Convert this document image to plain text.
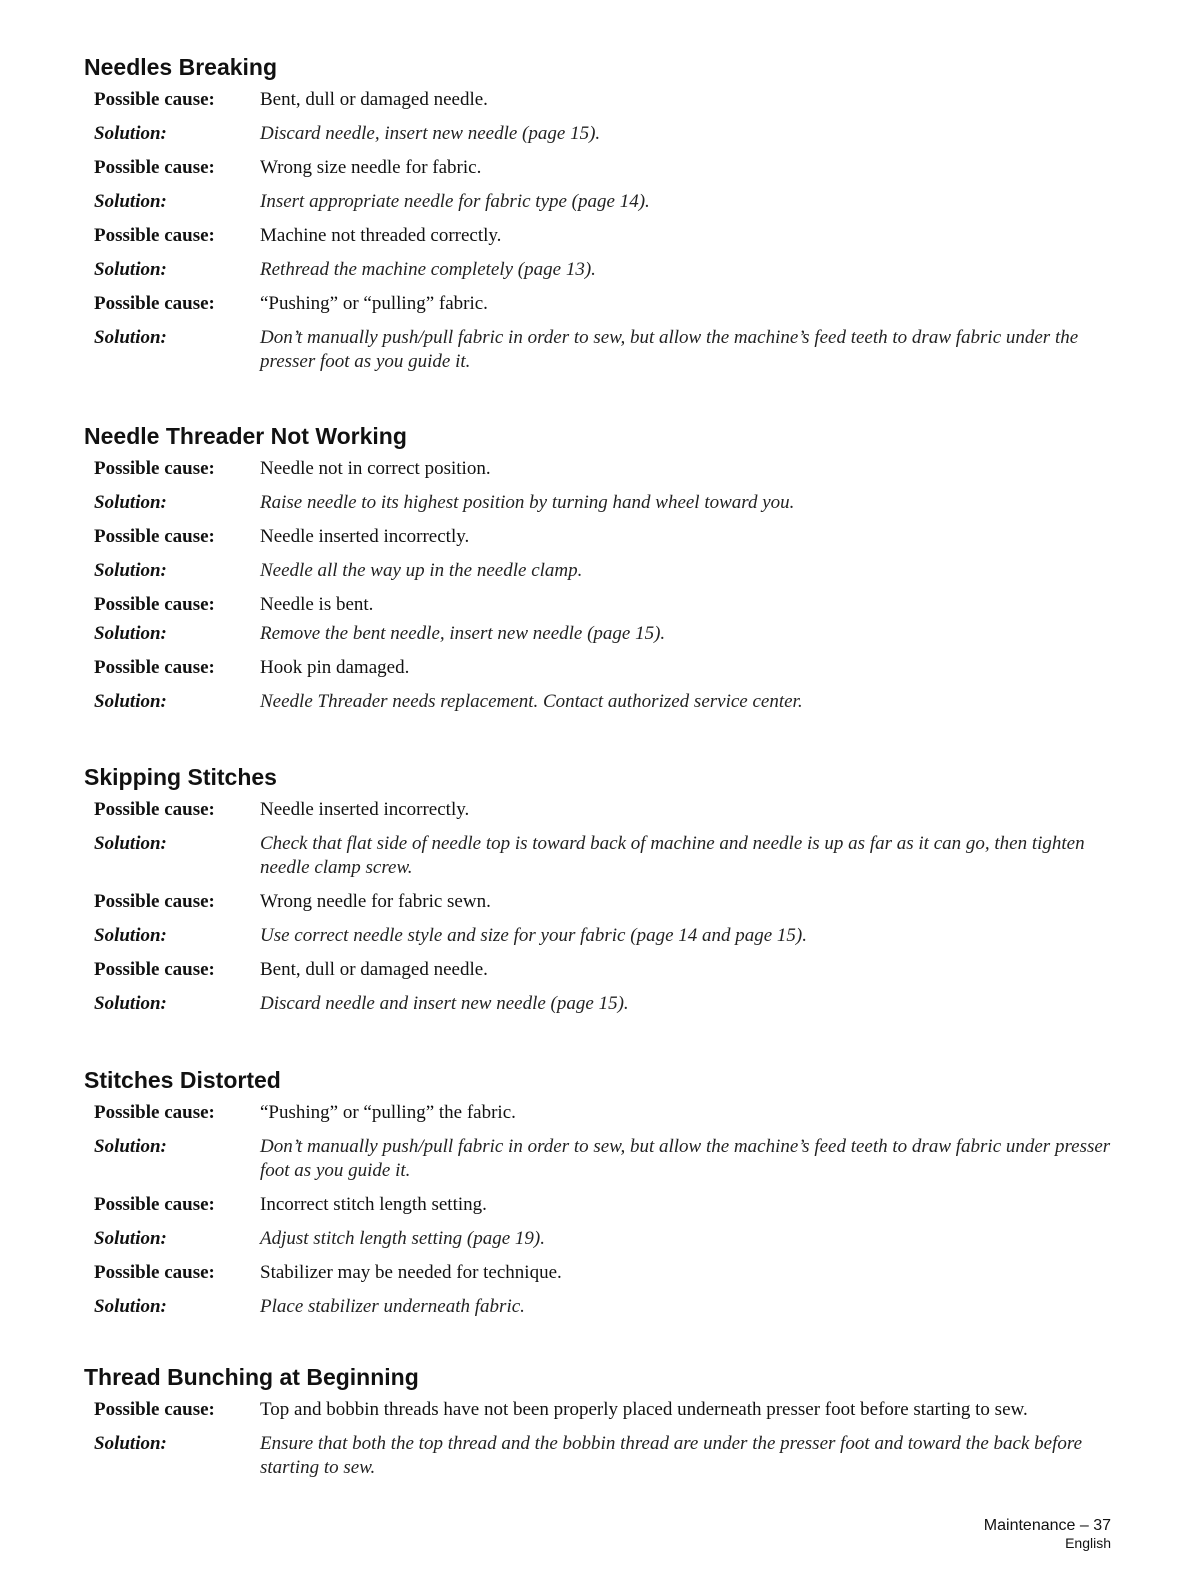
Needles Breaking
Possible cause:	Bent, dull or damaged needle.
Solution:	Discard needle, insert new needle (page 15).
Possible cause:	Wrong size needle for fabric.
Solution:	Insert appropriate needle for fabric type (page 14).
Possible cause:	Machine not threaded correctly.
Solution:	Rethread the machine completely (page 13).
Possible cause:	“Pushing” or “pulling” fabric.
Solution:	Don’t manually push/pull fabric in order to sew, but allow the machine’s feed teeth to draw fabric under the presser foot as you guide it.
Needle Threader Not Working
Possible cause:	Needle not in correct position.
Solution:	Raise needle to its highest position by turning hand wheel toward you.
Possible cause:	Needle inserted incorrectly.
Solution:	Needle all the way up in the needle clamp.
Possible cause:	Needle is bent.
Solution:	Remove the bent needle, insert new needle (page 15).
Possible cause:	Hook pin damaged.
Solution:	Needle Threader needs replacement. Contact authorized service center.
Skipping Stitches
Possible cause:	Needle inserted incorrectly.
Solution:	Check that flat side of needle top is toward back of machine and needle is up as far as it can go, then tighten needle clamp screw.
Possible cause:	Wrong needle for fabric sewn.
Solution:	Use correct needle style and size for your fabric (page 14 and page 15).
Possible cause:	Bent, dull or damaged needle.
Solution:	Discard needle and insert new needle (page 15).
Stitches Distorted
Possible cause:	“Pushing” or “pulling” the fabric.
Solution:	Don’t manually push/pull fabric in order to sew, but allow the machine’s feed teeth to draw fabric under presser foot as you guide it.
Possible cause:	Incorrect stitch length setting.
Solution:	Adjust stitch length setting (page 19).
Possible cause:	Stabilizer may be needed for technique.
Solution:	Place stabilizer underneath fabric.
Thread Bunching at Beginning
Possible cause:	Top and bobbin threads have not been properly placed underneath presser foot before starting to sew.
Solution:	Ensure that both the top thread and the bobbin thread are under the presser foot and toward the back before starting to sew.
Maintenance – 37
English
